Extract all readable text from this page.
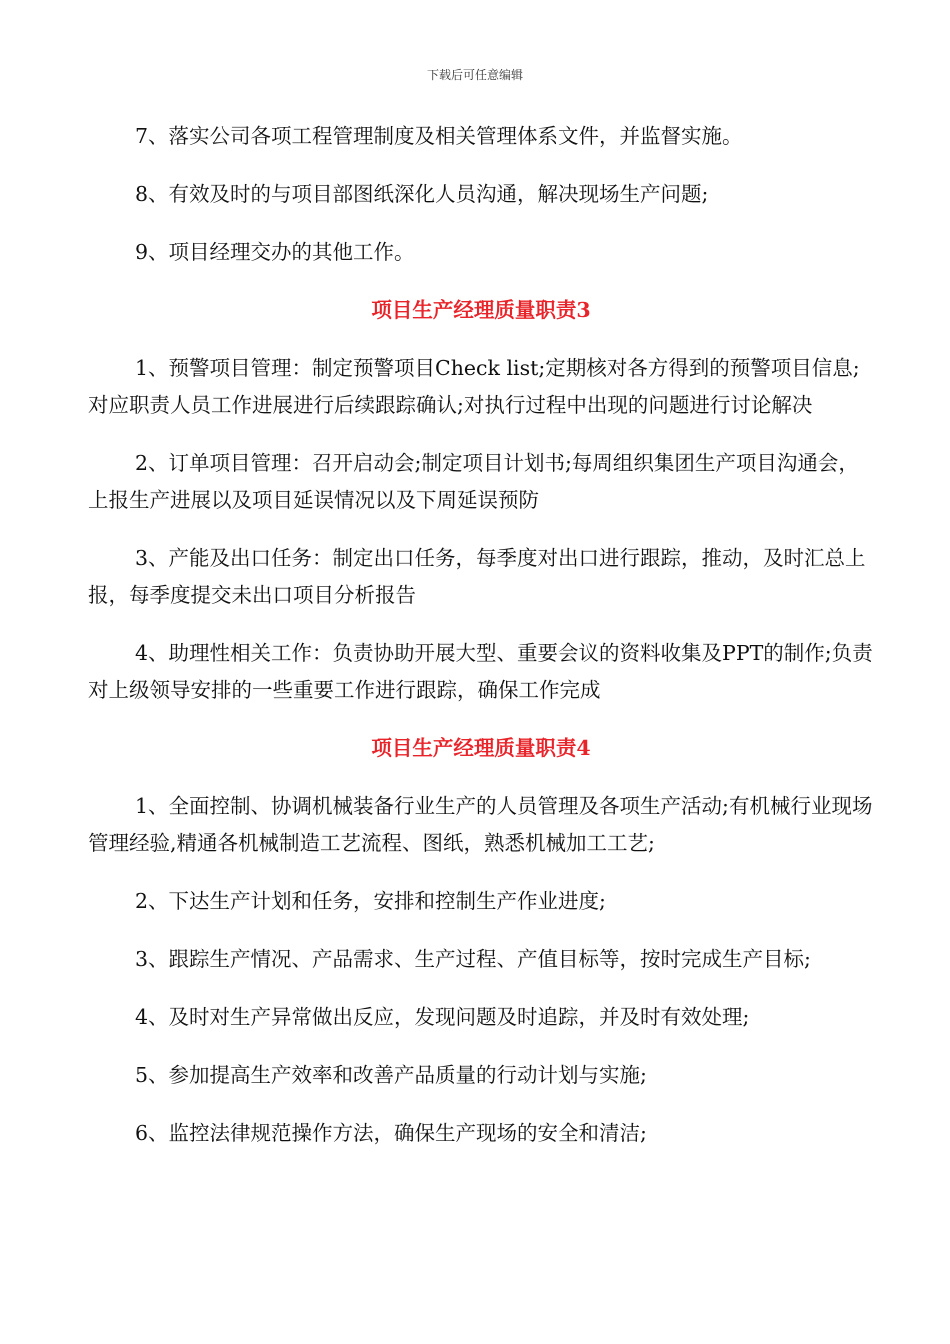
下载后可任意编辑

7、落实公司各项工程管理制度及相关管理体系文件，并监督实施。

8、有效及时的与项目部图纸深化人员沟通，解决现场生产问题;

9、项目经理交办的其他工作。

项目生产经理质量职责3

1、预警项目管理：制定预警项目Check list;定期核对各方得到的预警项目信息;对应职责人员工作进展进行后续跟踪确认;对执行过程中出现的问题进行讨论解决

2、订单项目管理：召开启动会;制定项目计划书;每周组织集团生产项目沟通会，上报生产进展以及项目延误情况以及下周延误预防

3、产能及出口任务：制定出口任务，每季度对出口进行跟踪，推动，及时汇总上报，每季度提交未出口项目分析报告

4、助理性相关工作：负责协助开展大型、重要会议的资料收集及PPT的制作;负责对上级领导安排的一些重要工作进行跟踪，确保工作完成

项目生产经理质量职责4

1、全面控制、协调机械装备行业生产的人员管理及各项生产活动;有机械行业现场管理经验,精通各机械制造工艺流程、图纸，熟悉机械加工工艺;

2、下达生产计划和任务，安排和控制生产作业进度;

3、跟踪生产情况、产品需求、生产过程、产值目标等，按时完成生产目标;

4、及时对生产异常做出反应，发现问题及时追踪，并及时有效处理;

5、参加提高生产效率和改善产品质量的行动计划与实施;

6、监控法律规范操作方法，确保生产现场的安全和清洁;
